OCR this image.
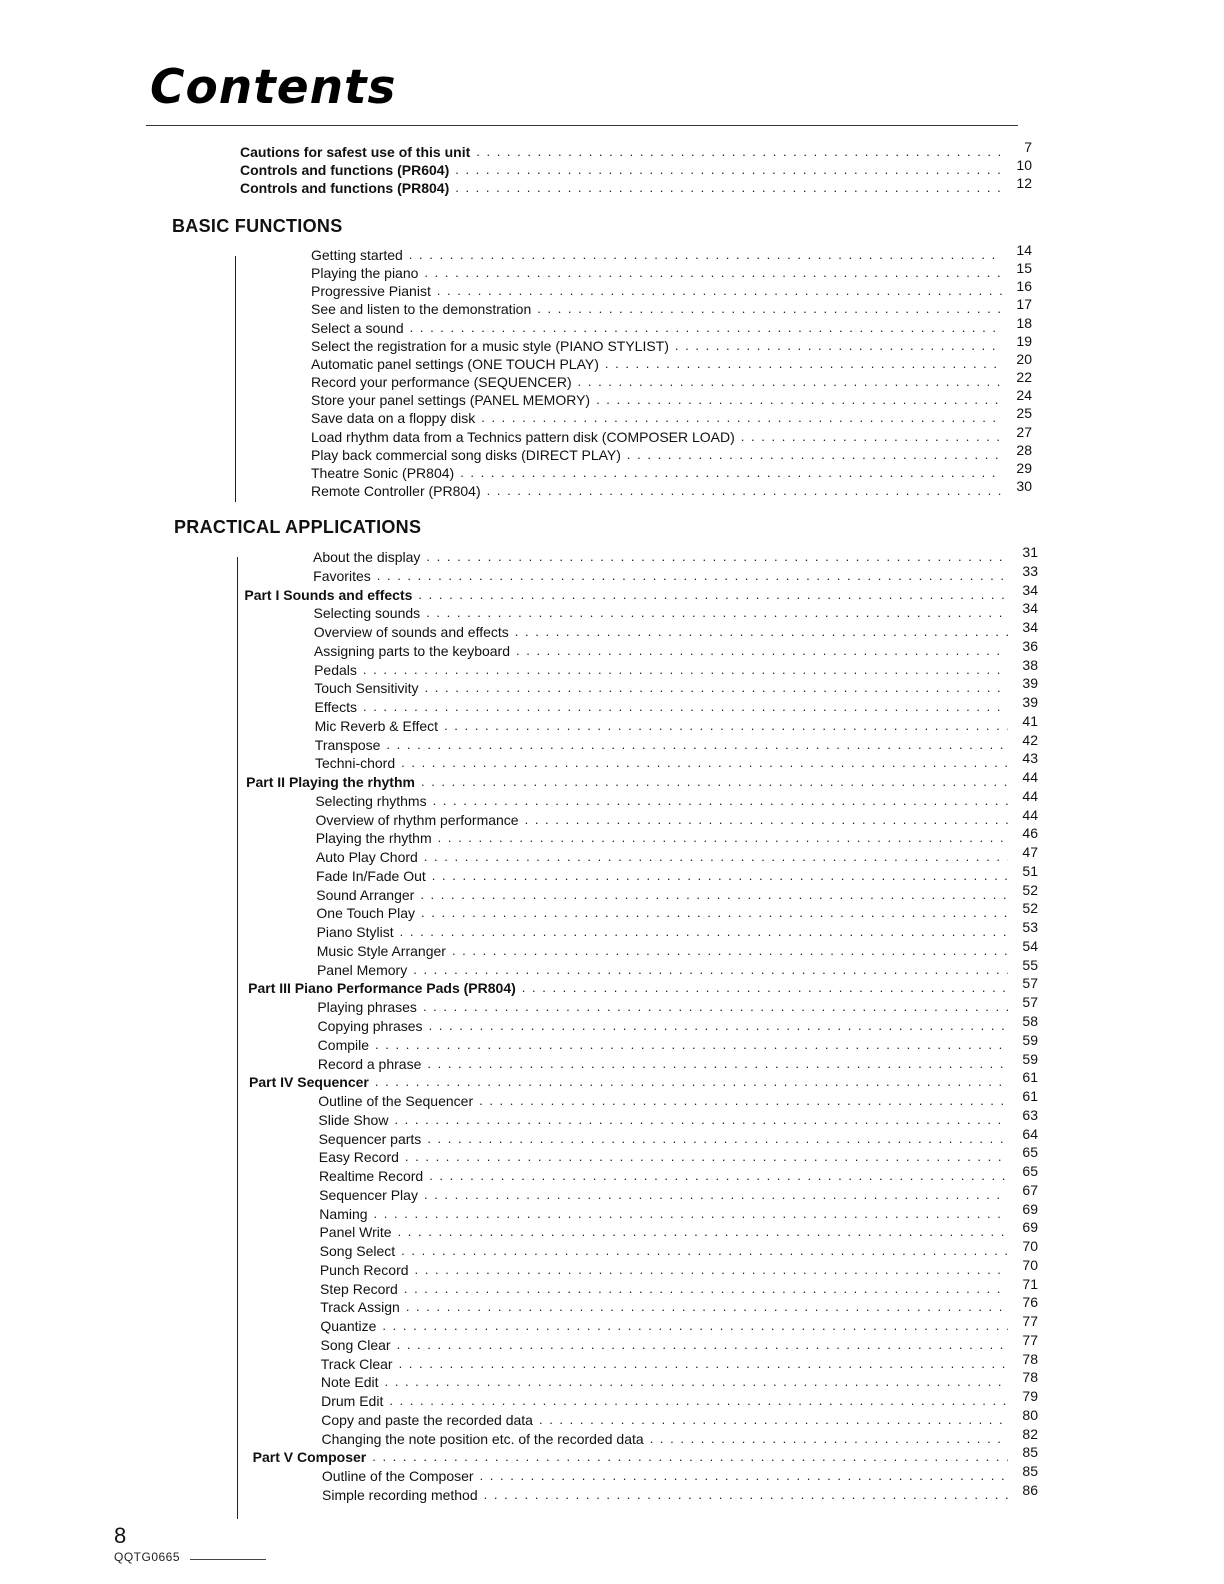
Contents
Cautions for safest use of this unit . . .	7
Controls and functions (PR604) . . .	10
Controls and functions (PR804) . . .	12
BASIC FUNCTIONS
Getting started . . .	14
Playing the piano . . .	15
Progressive Pianist . . .	16
See and listen to the demonstration . . .	17
Select a sound . . .	18
Select the registration for a music style (PIANO STYLIST) . . .	19
Automatic panel settings (ONE TOUCH PLAY) . . .	20
Record your performance (SEQUENCER) . . .	22
Store your panel settings (PANEL MEMORY) . . .	24
Save data on a floppy disk . . .	25
Load rhythm data from a Technics pattern disk (COMPOSER LOAD) . . .	27
Play back commercial song disks (DIRECT PLAY) . . .	28
Theatre Sonic (PR804) . . .	29
Remote Controller (PR804) . . .	30
PRACTICAL APPLICATIONS
About the display . . .	31
Favorites . . .	33
Part I Sounds and effects . . .	34
Selecting sounds . . .	34
Overview of sounds and effects . . .	34
Assigning parts to the keyboard . . .	36
Pedals . . .	38
Touch Sensitivity . . .	39
Effects . . .	39
Mic Reverb & Effect . . .	41
Transpose . . .	42
Techni-chord . . .	43
Part II Playing the rhythm . . .	44
Selecting rhythms . . .	44
Overview of rhythm performance . . .	44
Playing the rhythm . . .	46
Auto Play Chord . . .	47
Fade In/Fade Out . . .	51
Sound Arranger . . .	52
One Touch Play . . .	52
Piano Stylist . . .	53
Music Style Arranger . . .	54
Panel Memory . . .	55
Part III Piano Performance Pads (PR804) . . .	57
Playing phrases . . .	57
Copying phrases . . .	58
Compile . . .	59
Record a phrase . . .	59
Part IV Sequencer . . .	61
Outline of the Sequencer . . .	61
Slide Show . . .	63
Sequencer parts . . .	64
Easy Record . . .	65
Realtime Record . . .	65
Sequencer Play . . .	67
Naming . . .	69
Panel Write . . .	69
Song Select . . .	70
Punch Record . . .	70
Step Record . . .	71
Track Assign . . .	76
Quantize . . .	77
Song Clear . . .	77
Track Clear . . .	78
Note Edit . . .	78
Drum Edit . . .	79
Copy and paste the recorded data . . .	80
Changing the note position etc. of the recorded data . . .	82
Part V Composer . . .	85
Outline of the Composer . . .	85
Simple recording method . . .	86
8
QQTG0665
